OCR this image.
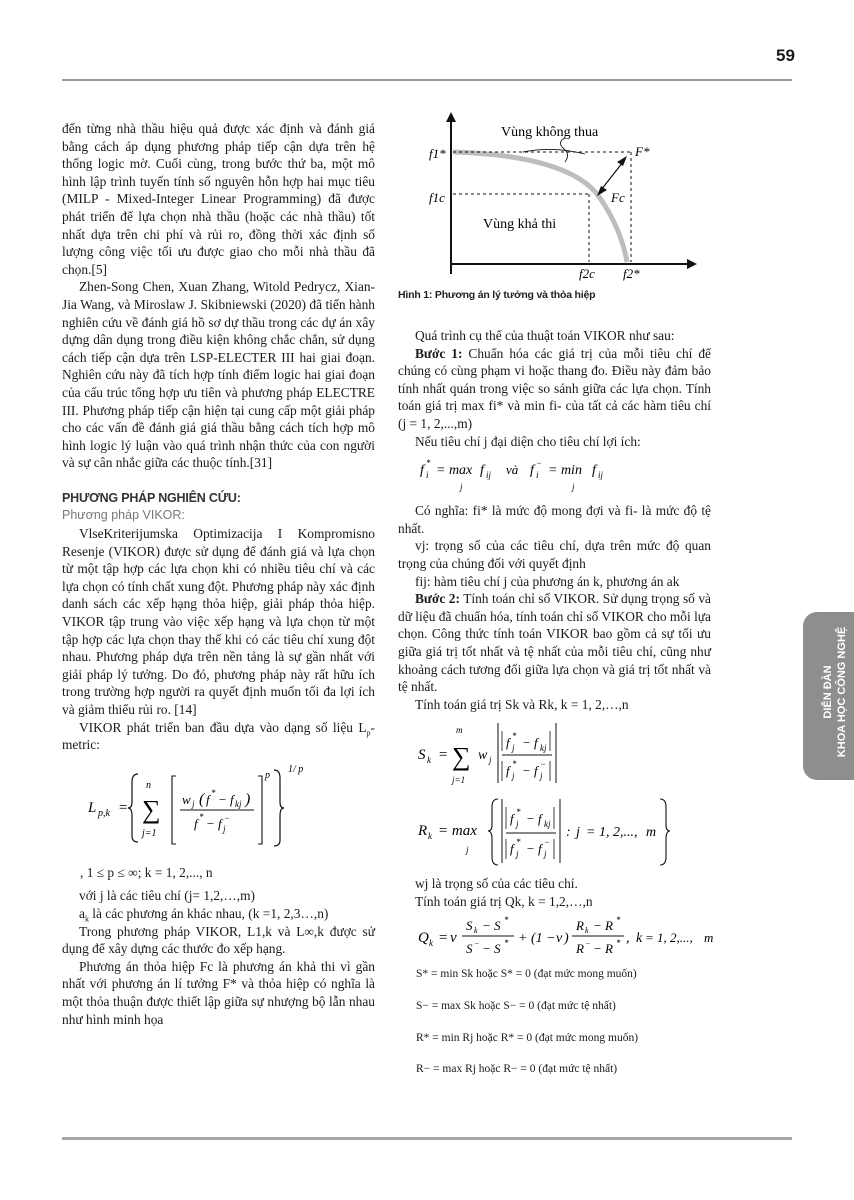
59

đến từng nhà thầu hiệu quả được xác định và đánh giá bằng cách áp dụng phương pháp tiếp cận dựa trên hệ thống logic mờ. Cuối cùng, trong bước thứ ba, một mô hình lập trình tuyến tính số nguyên hỗn hợp hai mục tiêu (MILP - Mixed-Integer Linear Programming) đã được phát triển để lựa chọn nhà thầu (hoặc các nhà thầu) tốt nhất dựa trên chi phí và rủi ro, đồng thời xác định số lượng công việc tối ưu được giao cho mỗi nhà thầu đã chọn.[5]

Zhen-Song Chen, Xuan Zhang, Witold Pedrycz, Xian-Jia Wang, và Miroslaw J. Skibniewski (2020) đã tiến hành nghiên cứu về đánh giá hồ sơ dự thầu trong các dự án xây dựng dân dụng trong điều kiện không chắc chắn, sử dụng cách tiếp cận dựa trên LSP-ELECTER III hai giai đoạn. Nghiên cứu này đã tích hợp tính điểm logic hai giai đoạn của cấu trúc tổng hợp ưu tiên và phương pháp ELECTRE III. Phương pháp tiếp cận hiện tại cung cấp một giải pháp cho các vấn đề đánh giá giá thầu bằng cách tích hợp mô hình logic lý luận vào quá trình nhận thức của con người và sự cân nhắc giữa các thuộc tính.[31]

PHƯƠNG PHÁP NGHIÊN CỨU:
Phương pháp VIKOR:

VlseKriterijumska Optimizacija I Kompromisno Resenje (VIKOR) được sử dụng để đánh giá và lựa chọn từ một tập hợp các lựa chọn khi có nhiều tiêu chí và các lựa chọn có tính chất xung đột. Phương pháp này xác định danh sách các xếp hạng thỏa hiệp, giải pháp thỏa hiệp. VIKOR tập trung vào việc xếp hạng và lựa chọn từ một tập hợp các lựa chọn thay thế khi có các tiêu chí xung đột nhau. Phương pháp dựa trên nền tảng là sự gần nhất với giải pháp lý tưởng. Do đó, phương pháp này rất hữu ích trong trường hợp người ra quyết định muốn tối đa lợi ích và giảm thiểu rủi ro. [14]

VIKOR phát triển ban đầu dựa vào dạng số liệu $L_p$-metric:

L p,k =
n
∑
j=1
w j ( f * − f kj )
f * − f j
−
p
1/ p
, 1 ≤ p ≤ ∞; k = 1, 2,..., n

với j là các tiêu chí (j= 1,2,…,m)

$a_k$ là các phương án khác nhau, (k =1, 2,3…,n)

Trong phương pháp VIKOR, L1,k và L∞,k được sử dụng để xây dựng các thước đo xếp hạng.

Phương án thỏa hiệp Fc là phương án khả thi vì gần nhất với phương án lí tưởng F* và thỏa hiệp có nghĩa là một thỏa thuận được thiết lập giữa sự nhượng bộ lẫn nhau như hình minh họa

Vùng không thua
Vùng khả thi
F*
Fc
f1*
f1c
f2c f2*
Hình 1: Phương án lý tưởng và thỏa hiệp

Quá trình cụ thể của thuật toán VIKOR như sau:

Bước 1: Chuẩn hóa các giá trị của mỗi tiêu chí để chúng có cùng phạm vi hoặc thang đo. Điều này đảm bảo tính nhất quán trong việc so sánh giữa các lựa chọn. Tính toán giá trị max fi* và min fi- của tất cả các hàm tiêu chí (j = 1, 2,...,m)

Nếu tiêu chí j đại diện cho tiêu chí lợi ích:

f *
i = max
j
f ij và f −
i = min
j
f ij

Có nghĩa: fi* là mức độ mong đợi và fi- là mức độ tệ nhất.

vj: trọng số của các tiêu chí, dựa trên mức độ quan trọng của chúng đối với quyết định

fij: hàm tiêu chí j của phương án k, phương án ak

Bước 2: Tính toán chỉ số VIKOR. Sử dụng trọng số và dữ liệu đã chuẩn hóa, tính toán chỉ số VIKOR cho mỗi lựa chọn. Công thức tính toán VIKOR bao gồm cả sự tối ưu giữa giá trị tốt nhất và tệ nhất của mỗi tiêu chí, cũng như khoảng cách tương đối giữa lựa chọn và giá trị tốt nhất và tệ nhất.

Tính toán giá trị Sk và Rk, k = 1, 2,…,n

S k =
m
∑
j=1
w j
f *
j − f kj
f *
j − f −
j
R k = max
j
f *
j − f kj
f *
j − f −
j
: j = 1, 2,..., m

wj là trọng số của các tiêu chí.

Tính toán giá trị Qk, k = 1,2,…,n

Q k = v
S k − S *
S − − S * + (1 − v )
R k − R *
R − − R * , k = 1, 2,..., m

S* = min Sk hoặc S* = 0 (đạt mức mong muốn)

S− = max Sk hoặc S− = 0 (đạt mức tệ nhất)

R* = min Rj hoặc R* = 0 (đạt mức mong muốn)

R− = max Rj hoặc R− = 0 (đạt mức tệ nhất)

DIỄN ĐÀN KHOA HỌC CÔNG NGHỆ
